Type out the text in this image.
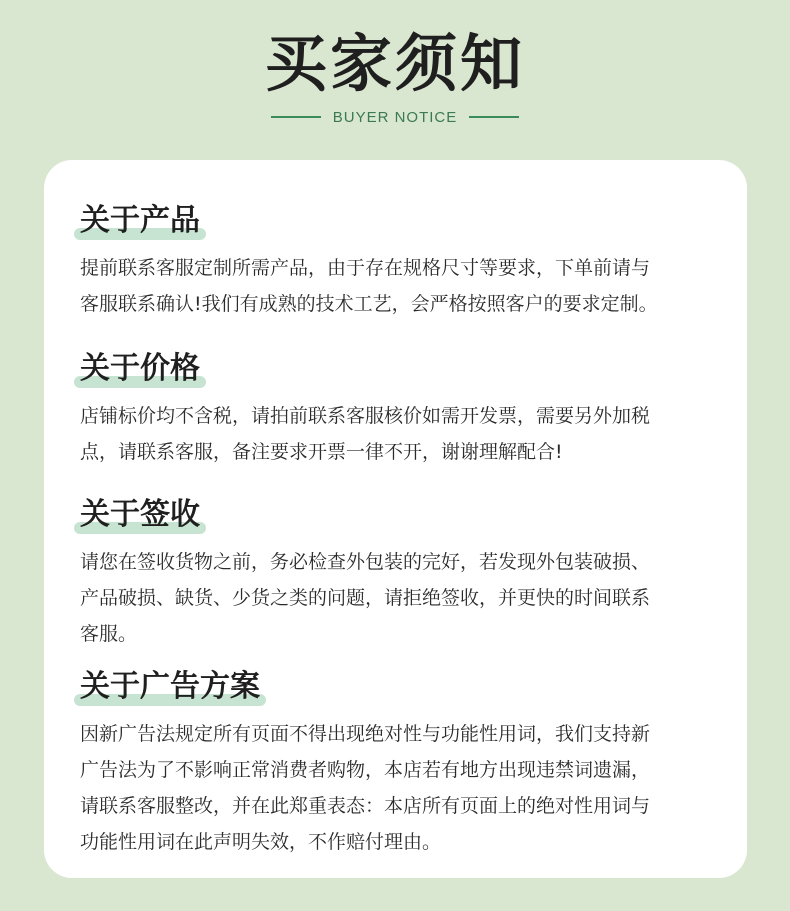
买家须知
BUYER NOTICE
关于产品
提前联系客服定制所需产品，由于存在规格尺寸等要求，下单前请与
客服联系确认!我们有成熟的技术工艺，会严格按照客户的要求定制。
关于价格
店铺标价均不含税，请拍前联系客服核价如需开发票，需要另外加税
点，请联系客服，备注要求开票一律不开，谢谢理解配合!
关于签收
请您在签收货物之前，务必检查外包装的完好，若发现外包装破损、
产品破损、缺货、少货之类的问题，请拒绝签收，并更快的时间联系
客服。
关于广告方案
因新广告法规定所有页面不得出现绝对性与功能性用词，我们支持新
广告法为了不影响正常消费者购物，本店若有地方出现违禁词遗漏，
请联系客服整改，并在此郑重表态：本店所有页面上的绝对性用词与
功能性用词在此声明失效，不作赔付理由。
